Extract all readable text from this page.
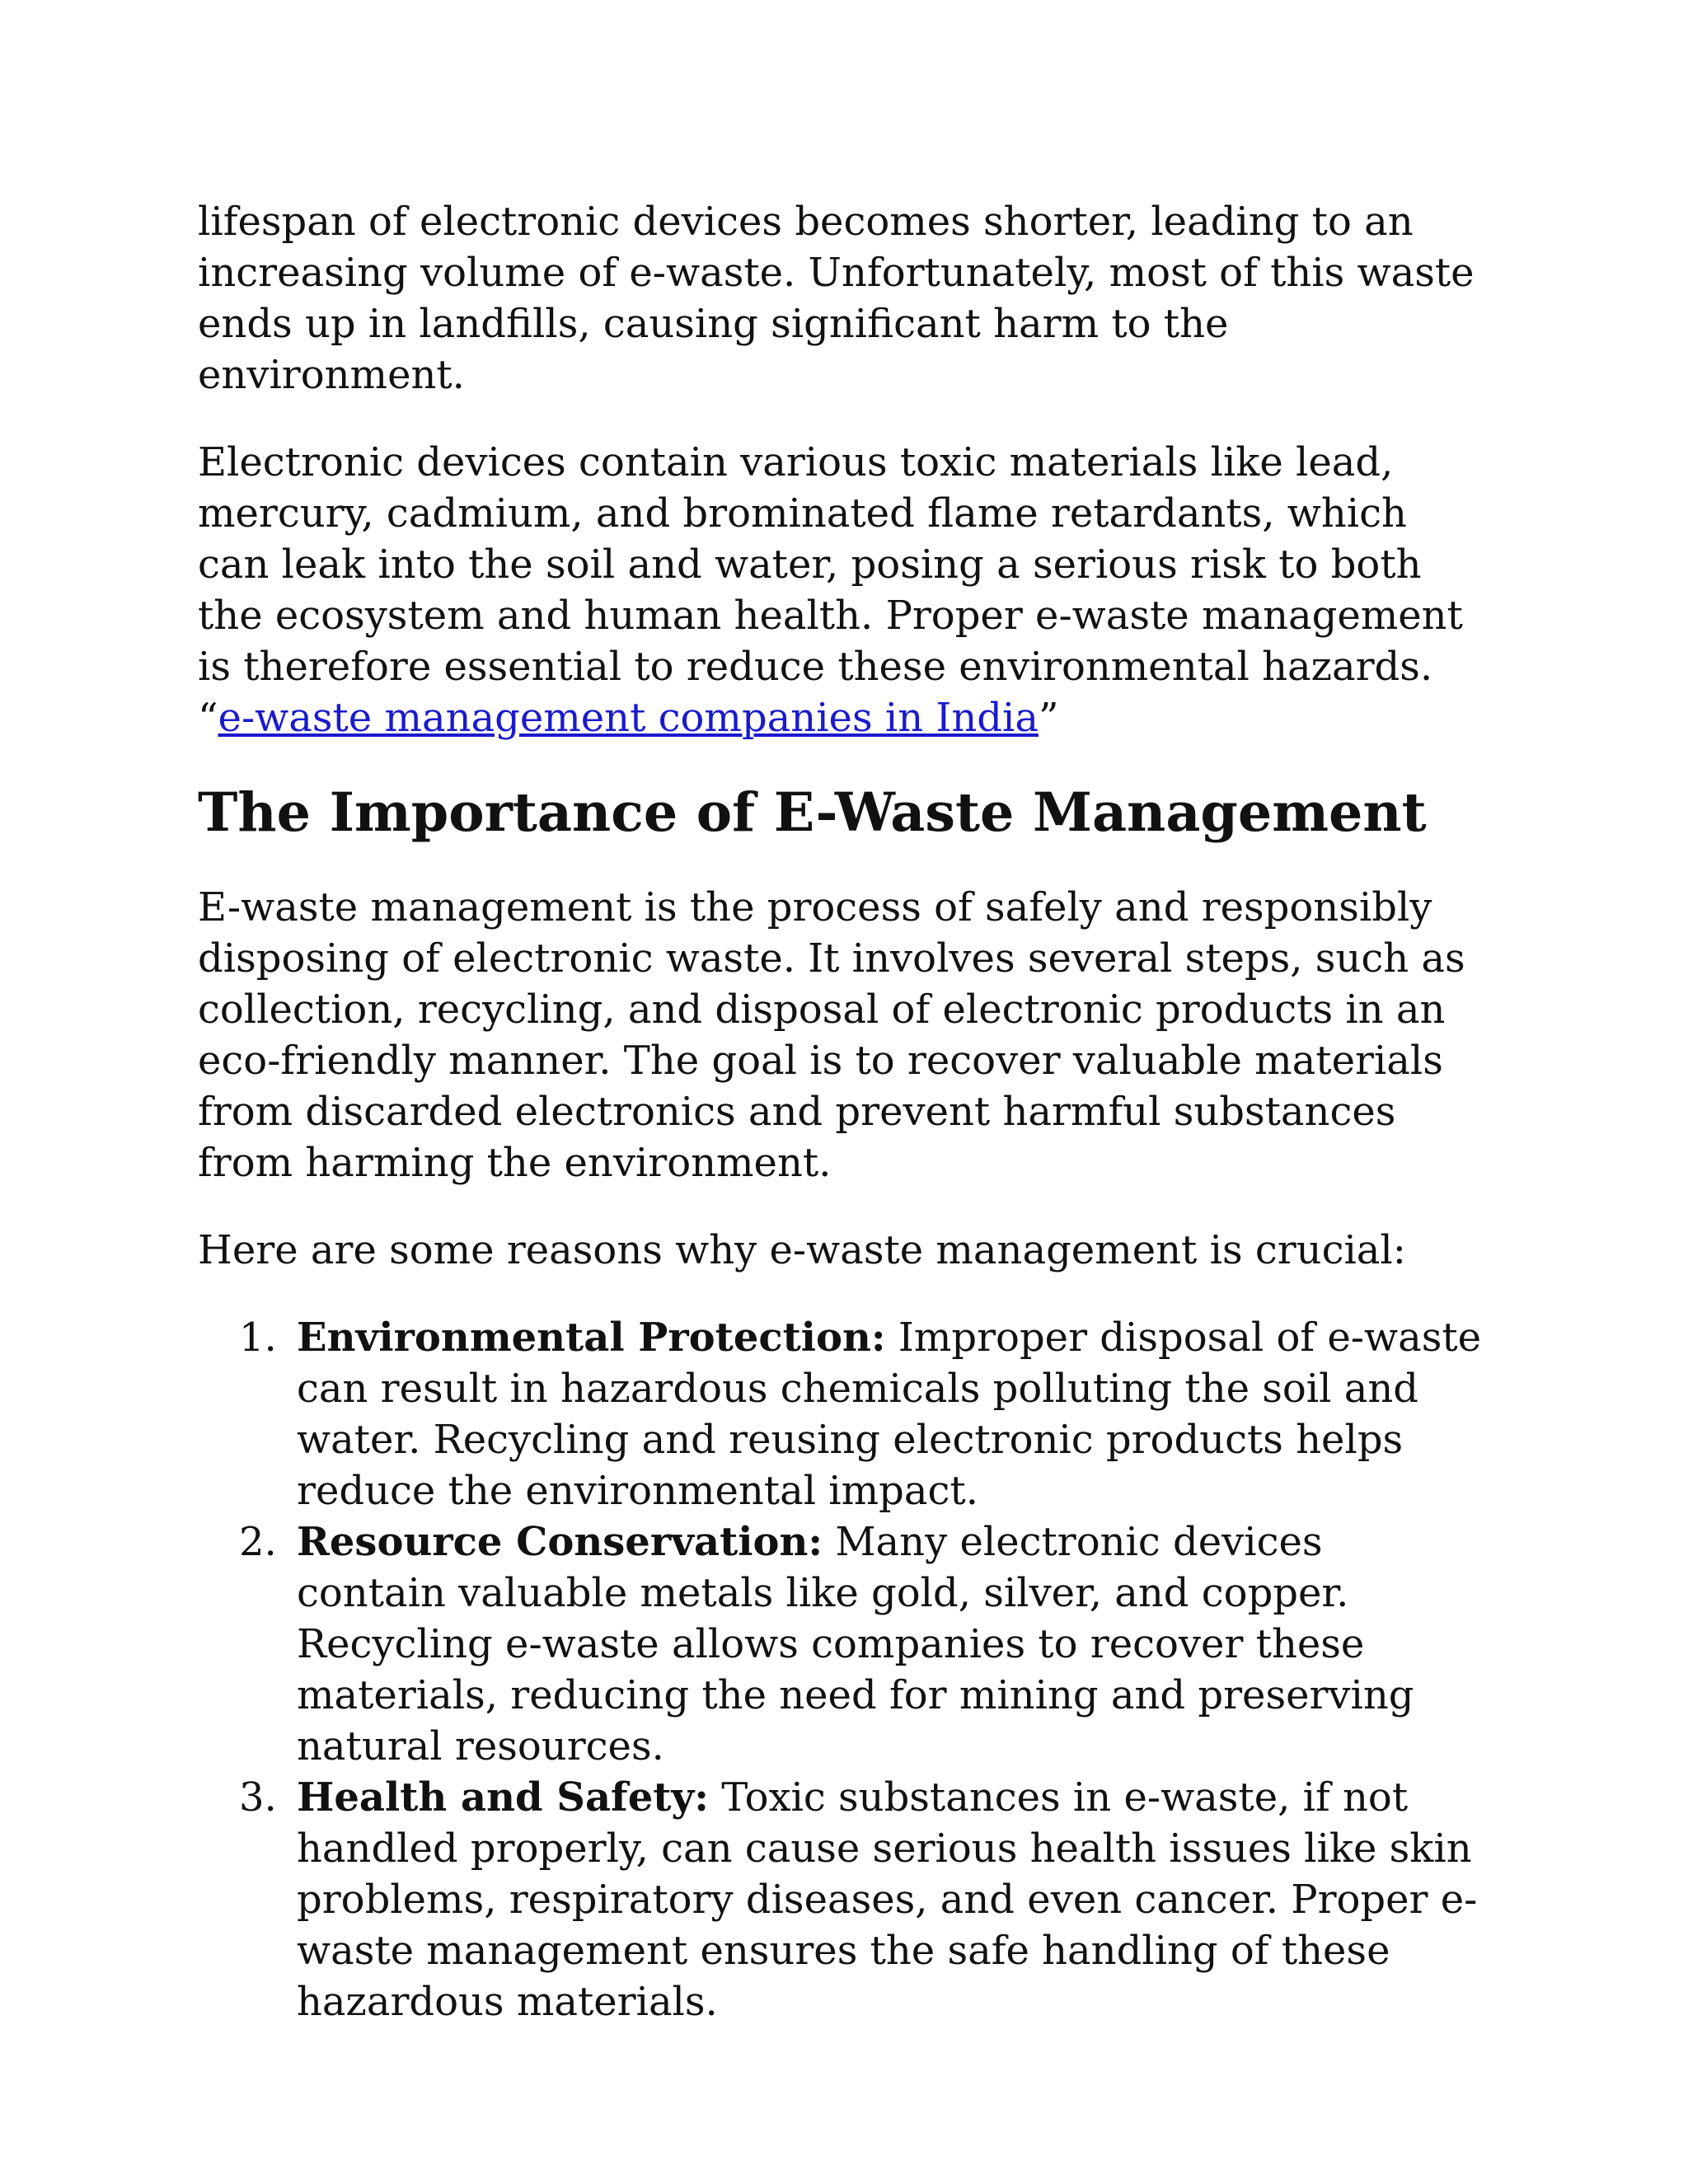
lifespan of electronic devices becomes shorter, leading to an increasing volume of e-waste. Unfortunately, most of this waste ends up in landfills, causing significant harm to the environment.

Electronic devices contain various toxic materials like lead, mercury, cadmium, and brominated flame retardants, which can leak into the soil and water, posing a serious risk to both the ecosystem and human health. Proper e-waste management is therefore essential to reduce these environmental hazards. “e-waste management companies in India”

The Importance of E-Waste Management

E-waste management is the process of safely and responsibly disposing of electronic waste. It involves several steps, such as collection, recycling, and disposal of electronic products in an eco-friendly manner. The goal is to recover valuable materials from discarded electronics and prevent harmful substances from harming the environment.

Here are some reasons why e-waste management is crucial:

1. Environmental Protection: Improper disposal of e-waste can result in hazardous chemicals polluting the soil and water. Recycling and reusing electronic products helps reduce the environmental impact.
2. Resource Conservation: Many electronic devices contain valuable metals like gold, silver, and copper. Recycling e-waste allows companies to recover these materials, reducing the need for mining and preserving natural resources.
3. Health and Safety: Toxic substances in e-waste, if not handled properly, can cause serious health issues like skin problems, respiratory diseases, and even cancer. Proper e-waste management ensures the safe handling of these hazardous materials.
